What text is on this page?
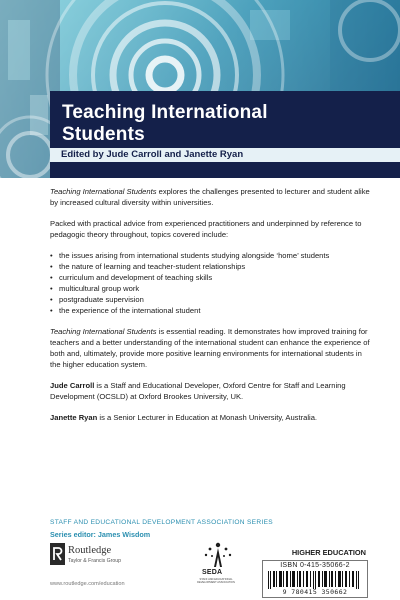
Teaching International
Students
Edited by Jude Carroll and Janette Ryan

Teaching International Students explores the challenges presented to lecturer and student alike by increased cultural diversity within universities.

Packed with practical advice from experienced practitioners and underpinned by reference to pedagogic theory throughout, topics covered include:

• the issues arising from international students studying alongside ‘home’ students
• the nature of learning and teacher-student relationships
• curriculum and development of teaching skills
• multicultural group work
• postgraduate supervision
• the experience of the international student

Teaching International Students is essential reading. It demonstrates how improved training for teachers and a better understanding of the international student can enhance the experience of both and, ultimately, provide more positive learning environments for international students in the higher education system.

Jude Carroll is a Staff and Educational Developer, Oxford Centre for Staff and Learning Development (OCSLD) at Oxford Brookes University, UK.

Janette Ryan is a Senior Lecturer in Education at Monash University, Australia.

STAFF AND EDUCATIONAL DEVELOPMENT ASSOCIATION SERIES
Series editor: James Wisdom
HIGHER EDUCATION
ISBN 0-415-35066-2
9 780415 350662
Routledge
Taylor & Francis Group
www.routledge.com/education
SEDA
STAFF AND EDUCATIONAL DEVELOPMENT ASSOCIATION
